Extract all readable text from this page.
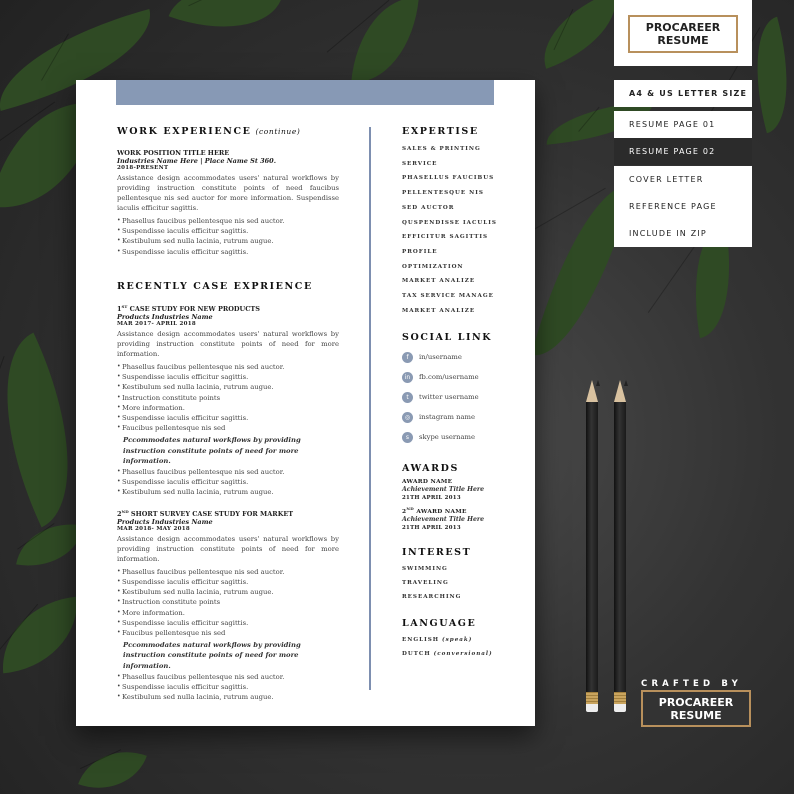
WORK EXPERIENCE (continue)
WORK POSITION TITLE HERE
Industries Name Here | Place Name St 360.
2018-PRESENT
Assistance design accommodates users' natural workflows by providing instruction constitute points of need faucibus pellentesque nis sed auctor for more information. Suspendisse iaculis efficitur sagittis.
• Phasellus faucibus pellentesque nis sed auctor.
• Suspendisse iaculis efficitur sagittis.
• Kestibulum sed nulla lacinia, rutrum augue.
• Suspendisse iaculis efficitur sagittis.
RECENTLY CASE EXPRIENCE
1ST CASE STUDY FOR NEW PRODUCTS
Products Industries Name
MAR 2017- APRIL 2018
Assistance design accommodates users' natural workflows by providing instruction constitute points of need for more information.
• Phasellus faucibus pellentesque nis sed auctor.
• Suspendisse iaculis efficitur sagittis.
• Kestibulum sed nulla lacinia, rutrum augue.
• Instruction constitute points
• More information.
• Suspendisse iaculis efficitur sagittis.
• Faucibus pellentesque nis sed
Pccommodates natural workflows by providing instruction constitute points of need for more information.
• Phasellus faucibus pellentesque nis sed auctor.
• Suspendisse iaculis efficitur sagittis.
• Kestibulum sed nulla lacinia, rutrum augue.
2ND SHORT SURVEY CASE STUDY FOR MARKET
Products Industries Name
MAR 2018- MAY 2018
Assistance design accommodates users' natural workflows by providing instruction constitute points of need for more information.
• Phasellus faucibus pellentesque nis sed auctor.
• Suspendisse iaculis efficitur sagittis.
• Kestibulum sed nulla lacinia, rutrum augue.
• Instruction constitute points
• More information.
• Suspendisse iaculis efficitur sagittis.
• Faucibus pellentesque nis sed
Pccommodates natural workflows by providing instruction constitute points of need for more information.
• Phasellus faucibus pellentesque nis sed auctor.
• Suspendisse iaculis efficitur sagittis.
• Kestibulum sed nulla lacinia, rutrum augue.
EXPERTISE
SALES & PRINTING
SERVICE
PHASELLUS FAUCIBUS
PELLENTESQUE NIS
SED AUCTOR
QUSPENDISSE IACULIS
EFFICITUR SAGITTIS
PROFILE
OPTIMIZATION
MARKET ANALIZE
TAX SERVICE MANAGE
MARKET ANALIZE
SOCIAL LINK
f	in/username
in	fb.com/username
t	twitter username
◎	instagram name
s	skype username
AWARDS
AWARD NAME
Achievement Title Here
21TH APRIL 2013
2ND AWARD NAME
Achievement Title Here
21TH APRIL 2013
INTEREST
SWIMMING
TRAVELING
RESEARCHING
LANGUAGE
ENGLISH (speak)
DUTCH (conversional)
PROCAREER
RESUME
A4 & US LETTER SIZE
RESUME PAGE 01
RESUME PAGE 02
COVER LETTER
REFERENCE PAGE
INCLUDE IN ZIP
CRAFTED BY
PROCAREER
RESUME
